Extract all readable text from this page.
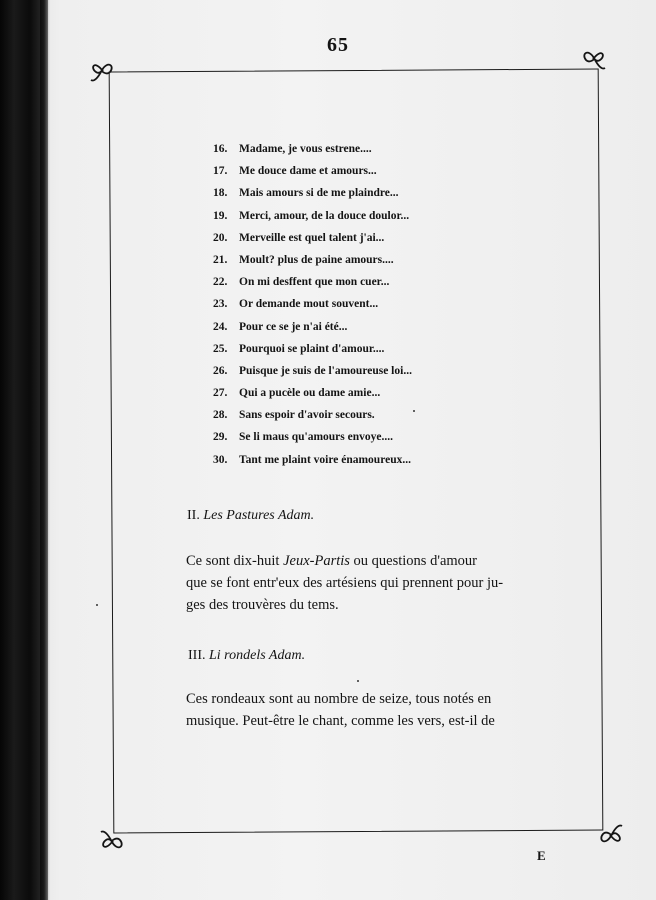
65
16. Madame, je vous estrene....
17. Me douce dame et amours...
18. Mais amours si de me plaindre...
19. Merci, amour, de la douce doulor...
20. Merveille est quel talent j'ai...
21. Moult? plus de paine amours....
22. On mi desffent que mon cuer...
23. Or demande mout souvent...
24. Pour ce se je n'ai été...
25. Pourquoi se plaint d'amour....
26. Puisque je suis de l'amoureuse loi...
27. Qui a pucèle ou dame amie...
28. Sans espoir d'avoir secours.
29. Se li maus qu'amours envoye....
30. Tant me plaint voire énamoureux...
II. Les Pastures Adam.
Ce sont dix-huit Jeux-Partis ou questions d'amour
que se font entr'eux des artésiens qui prennent pour ju-
ges des trouvères du tems.
III. Li rondels Adam.
Ces rondeaux sont au nombre de seize, tous notés en
musique. Peut-être le chant, comme les vers, est-il de
E
